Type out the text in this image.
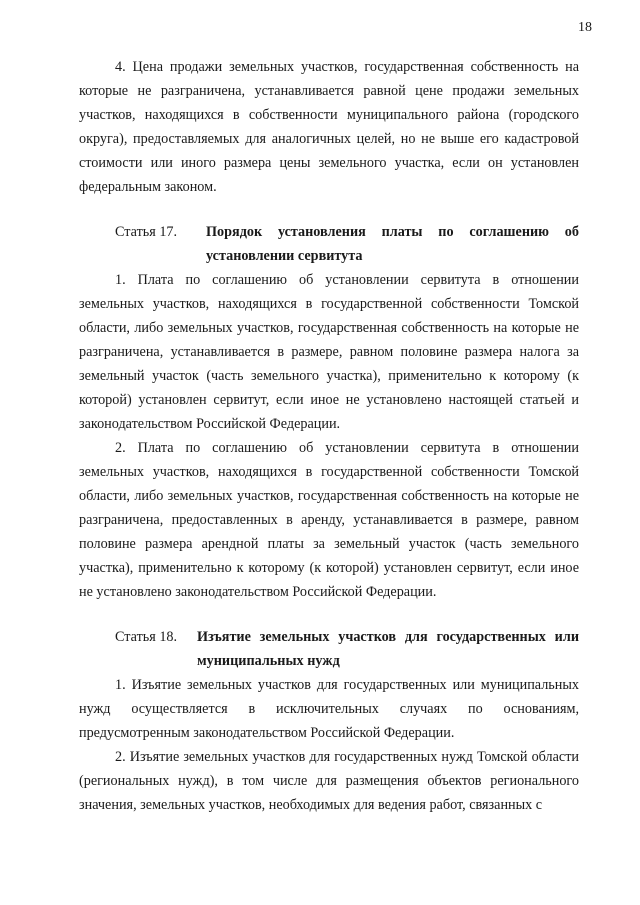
18

4. Цена продажи земельных участков, государственная собственность на которые не разграничена, устанавливается равной цене продажи земельных участков, находящихся в собственности муниципального района (городского округа), предоставляемых для аналогичных целей, но не выше его кадастровой стоимости или иного размера цены земельного участка, если он установлен федеральным законом.

Статья 17.	Порядок установления платы по соглашению об установлении сервитута

1. Плата по соглашению об установлении сервитута в отношении земельных участков, находящихся в государственной собственности Томской области, либо земельных участков, государственная собственность на которые не разграничена, устанавливается в размере, равном половине размера налога за земельный участок (часть земельного участка), применительно к которому (к которой) установлен сервитут, если иное не установлено настоящей статьей и законодательством Российской Федерации.

2. Плата по соглашению об установлении сервитута в отношении земельных участков, находящихся в государственной собственности Томской области, либо земельных участков, государственная собственность на которые не разграничена, предоставленных в аренду, устанавливается в размере, равном половине размера арендной платы за земельный участок (часть земельного участка), применительно к которому (к которой) установлен сервитут, если иное не установлено законодательством Российской Федерации.

Статья 18.	Изъятие земельных участков для государственных или муниципальных нужд

1. Изъятие земельных участков для государственных или муниципальных нужд осуществляется в исключительных случаях по основаниям, предусмотренным законодательством Российской Федерации.

2. Изъятие земельных участков для государственных нужд Томской области (региональных нужд), в том числе для размещения объектов регионального значения, земельных участков, необходимых для ведения работ, связанных с
